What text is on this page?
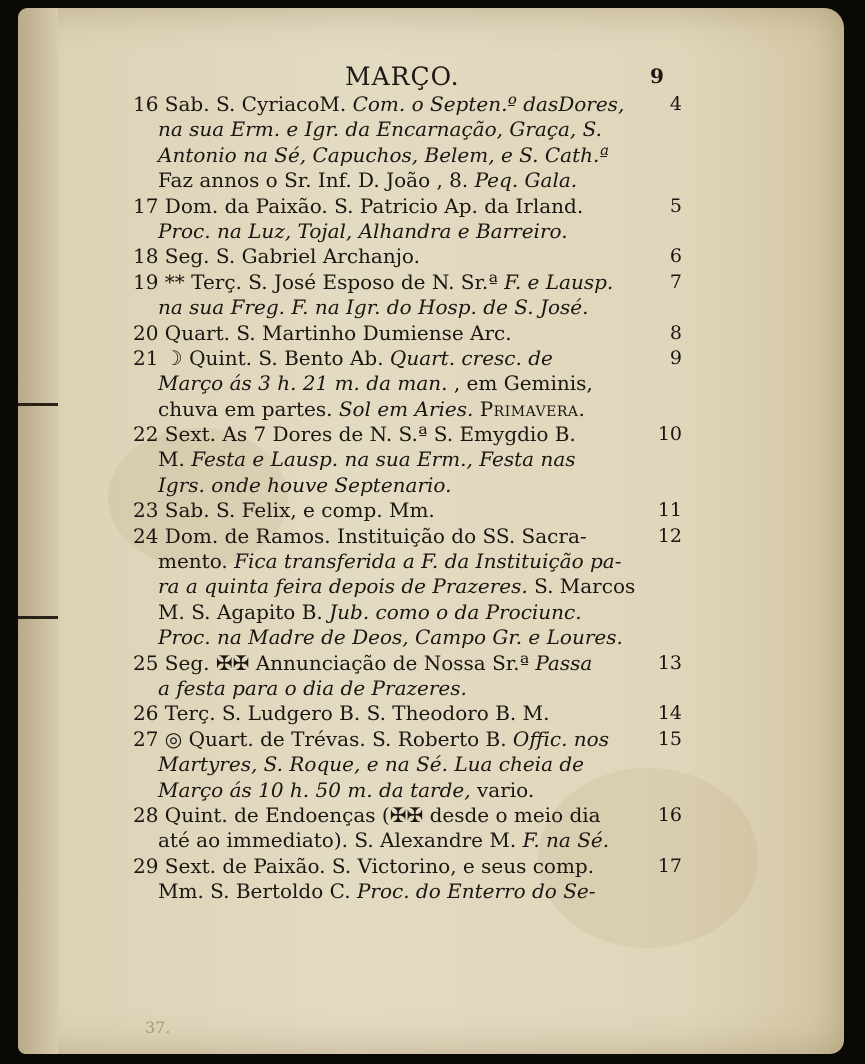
MARÇO.	9
16 Sab. S. CyriacoM. Com. o Septen.º dasDores, 4
na sua Erm. e Igr. da Encarnação, Graça, S.
Antonio na Sé, Capuchos, Belem, e S. Cath.ª
Faz annos o Sr. Inf. D. João , 8. Peq. Gala.
17 Dom. da Paixão. S. Patricio Ap. da Irland.	5
Proc. na Luz, Tojal, Alhandra e Barreiro.
18 Seg. S. Gabriel Archanjo.	6
19 ** Terç. S. José Esposo de N. Sr.ª F. e Lausp.	7
na sua Freg. F. na Igr. do Hosp. de S. José.
20 Quart. S. Martinho Dumiense Arc.	8
21 ☽ Quint. S. Bento Ab. Quart. cresc. de	9
Março ás 3 h. 21 m. da man. , em Geminis,
chuva em partes. Sol em Aries. Primavera.
22 Sext. As 7 Dores de N. S.ª S. Emygdio B.	10
M. Festa e Lausp. na sua Erm., Festa nas
Igrs. onde houve Septenario.
23 Sab. S. Felix, e comp. Mm.	11
24 Dom. de Ramos. Instituição do SS. Sacra-	12
mento. Fica transferida a F. da Instituição pa-
ra a quinta feira depois de Prazeres. S. Marcos
M. S. Agapito B. Jub. como o da Prociunc.
Proc. na Madre de Deos, Campo Gr. e Loures.
25 Seg. ✠✠ Annunciação de Nossa Sr.ª Passa	13
a festa para o dia de Prazeres.
26 Terç. S. Ludgero B. S. Theodoro B. M.	14
27 ◎ Quart. de Trévas. S. Roberto B. Offic. nos	15
Martyres, S. Roque, e na Sé. Lua cheia de
Março ás 10 h. 50 m. da tarde, vario.
28 Quint. de Endoenças (✠✠ desde o meio dia	16
até ao immediato). S. Alexandre M. F. na Sé.
29 Sext. de Paixão. S. Victorino, e seus comp.	17
Mm. S. Bertoldo C. Proc. do Enterro do Se-
37.
